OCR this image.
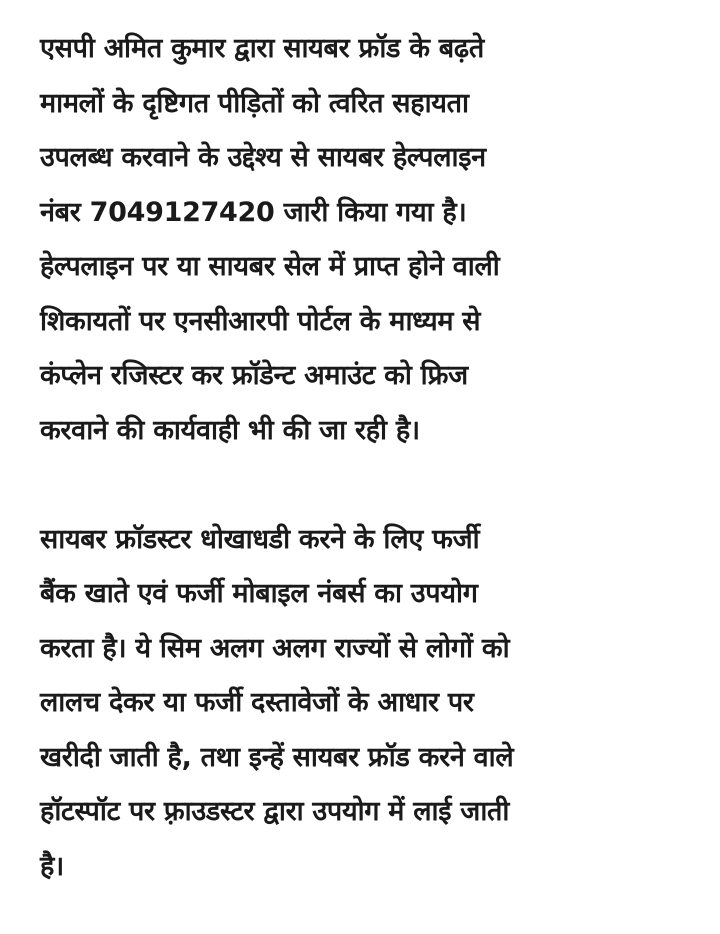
एसपी अमित कुमार द्वारा सायबर फ्रॉड के बढ़ते
मामलों के दृष्टिगत पीड़ितों को त्वरित सहायता
उपलब्ध करवाने के उद्देश्य से सायबर हेल्पलाइन
नंबर 7049127420 जारी किया गया है।
हेल्पलाइन पर या सायबर सेल में प्राप्त होने वाली
शिकायतों पर एनसीआरपी पोर्टल के माध्यम से
कंप्लेन रजिस्टर कर फ्रॉडेन्ट अमाउंट को फ्रिज
करवाने की कार्यवाही भी की जा रही है।
सायबर फ्रॉडस्टर धोखाधडी करने के लिए फर्जी
बैंक खाते एवं फर्जी मोबाइल नंबर्स का उपयोग
करता है। ये सिम अलग अलग राज्यों से लोगों को
लालच देकर या फर्जी दस्तावेजों के आधार पर
खरीदी जाती है, तथा इन्हें सायबर फ्रॉड करने वाले
हॉटस्पॉट पर फ़्राउडस्टर द्वारा उपयोग में लाई जाती
है।
